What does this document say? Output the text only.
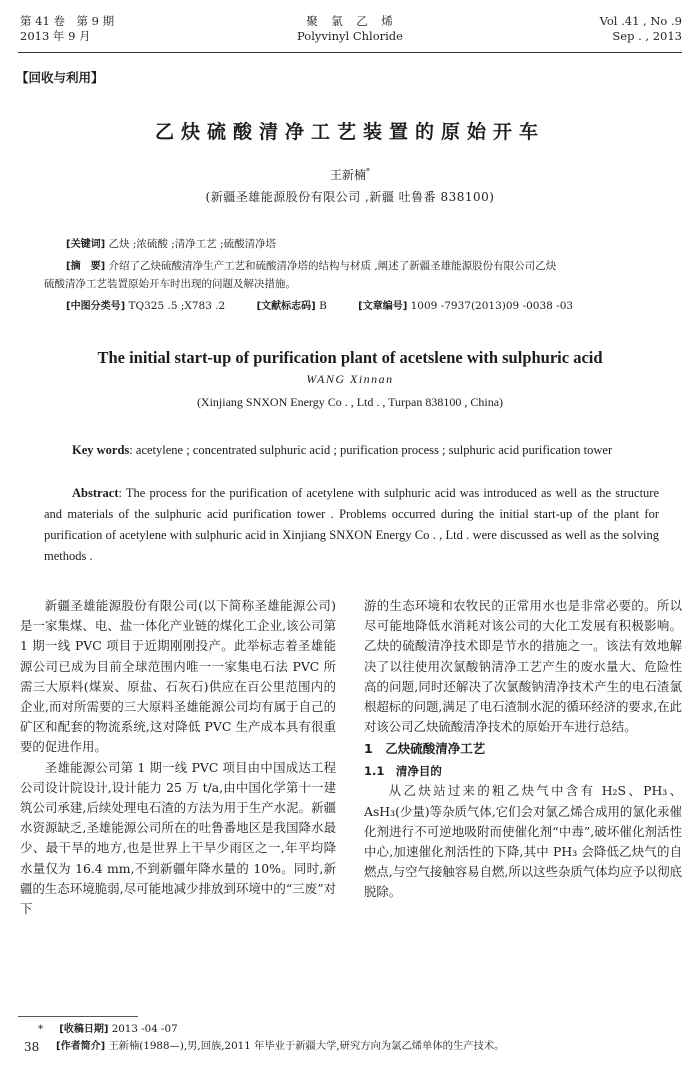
第 41 卷　第 9 期
2013 年 9 月
聚　氯　乙　烯
Polyvinyl Chloride
Vol .41 , No .9
Sep . , 2013
【回收与利用】
乙炔硫酸清净工艺装置的原始开车
王新楠*
(新疆圣雄能源股份有限公司 ,新疆 吐鲁番 838100)
[关键词] 乙炔 ;浓硫酸 ;清净工艺 ;硫酸清净塔
[摘　要] 介绍了乙炔硫酸清净生产工艺和硫酸清净塔的结构与材质 ,阐述了新疆圣雄能源股份有限公司乙炔
硫酸清净工艺装置原始开车时出现的问题及解决措施。
[中图分类号] TQ325 .5 ;X783 .2	[文献标志码] B	[文章编号] 1009 -7937(2013)09 -0038 -03
The initial start-up of purification plant of acetslene with sulphuric acid
WANG Xinnan
(Xinjiang SNXON Energy Co . , Ltd . , Turpan 838100 , China)
Key words: acetylene ; concentrated sulphuric acid ; purification process ; sulphuric acid purification tower
Abstract: The process for the purification of acetylene with sulphuric acid was introduced as well as the structure and materials of the sulphuric acid purification tower . Problems occurred during the initial start-up of the plant for purification of acetylene with sulphuric acid in Xinjiang SNXON Energy Co . , Ltd . were discussed as well as the solving methods .

新疆圣雄能源股份有限公司(以下简称圣雄能源公司)是一家集煤、电、盐一体化产业链的煤化工企业,该公司第 1 期一线 PVC 项目于近期刚刚投产。此举标志着圣雄能源公司已成为目前全球范围内唯一一家集电石法 PVC 所需三大原料(煤炭、原盐、石灰石)供应在百公里范围内的企业,而对所需要的三大原料圣雄能源公司均有属于自己的矿区和配套的物流系统,这对降低 PVC 生产成本具有很重要的促进作用。

圣雄能源公司第 1 期一线 PVC 项目由中国成达工程公司设计院设计,设计能力 25 万 t/a,由中国化学第十一建筑公司承建,后续处理电石渣的方法为用于生产水泥。新疆水资源缺乏,圣雄能源公司所在的吐鲁番地区是我国降水最少、最干旱的地方,也是世界上干旱少雨区之一,年平均降水量仅为 16.4 mm,不到新疆年降水量的 10%。同时,新疆的生态环境脆弱,尽可能地减少排放到环境中的“三废”对下

游的生态环境和农牧民的正常用水也是非常必要的。所以尽可能地降低水消耗对该公司的大化工发展有积极影响。乙炔的硫酸清净技术即是节水的措施之一。该法有效地解决了以往使用次氯酸钠清净工艺产生的废水量大、危险性高的问题,同时还解决了次氯酸钠清净技术产生的电石渣氯根超标的问题,满足了电石渣制水泥的循环经济的要求,在此对该公司乙炔硫酸清净技术的原始开车进行总结。

1　乙炔硫酸清净工艺
1.1　清净目的

从乙炔站过来的粗乙炔气中含有 H₂S、PH₃、AsH₃(少量)等杂质气体,它们会对氯乙烯合成用的氯化汞催化剂进行不可逆地吸附而使催化剂“中毒”,破坏催化剂活性中心,加速催化剂活性的下降,其中 PH₃ 会降低乙炔气的自燃点,与空气接触容易自燃,所以这些杂质气体均应予以彻底脱除。

* [收稿日期] 2013 -04 -07
[作者简介] 王新楠(1988—),男,回族,2011 年毕业于新疆大学,研究方向为氯乙烯单体的生产技术。
38
